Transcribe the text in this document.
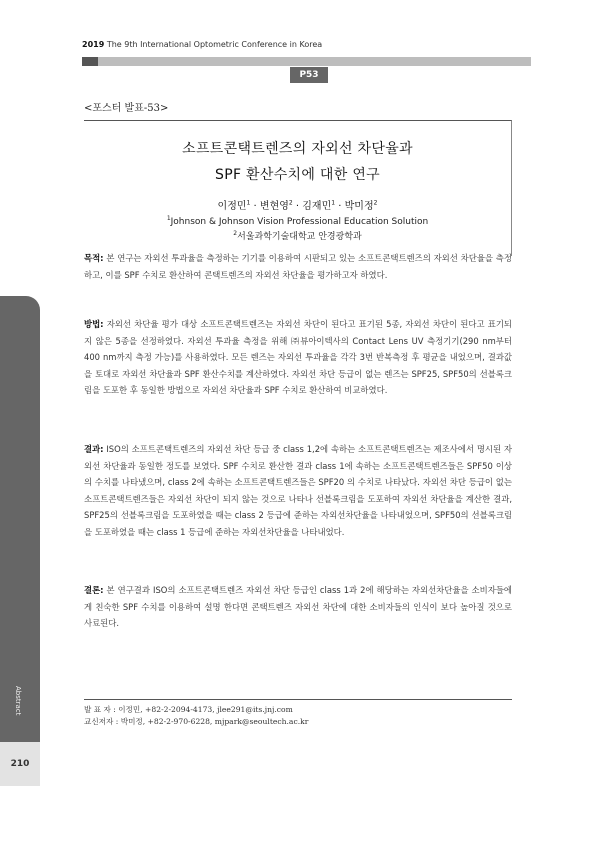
2019 The 9th International Optometric Conference in Korea
P53
<포스터 발표-53>
소프트콘택트렌즈의 자외선 차단율과
SPF 환산수치에 대한 연구
이정민$^1$ · 변현영$^2$ · 김재민$^1$ · 박미정$^2$
$^1$Johnson & Johnson Vision Professional Education Solution
$^2$서울과학기술대학교 안경광학과
목적: 본 연구는 자외선 투과율을 측정하는 기기를 이용하여 시판되고 있는 소프트콘택트렌즈의 자외선 차단율을 측정하고, 이를 SPF 수치로 환산하여 콘택트렌즈의 자외선 차단율을 평가하고자 하였다.
방법: 자외선 차단율 평가 대상 소프트콘택트렌즈는 자외선 차단이 된다고 표기된 5종, 자외선 차단이 된다고 표기되지 않은 5종을 선정하였다. 자외선 투과율 측정을 위해 ㈜뷰아이텍사의 Contact Lens UV 측정기기(290 nm부터 400 nm까지 측정 가능)를 사용하였다. 모든 렌즈는 자외선 투과율을 각각 3번 반복측정 후 평균을 내었으며, 결과값을 토대로 자외선 차단율과 SPF 환산수치를 계산하였다. 자외선 차단 등급이 없는 렌즈는 SPF25, SPF50의 선블록크림을 도포한 후 동일한 방법으로 자외선 차단율과 SPF 수치로 환산하여 비교하였다.
결과: ISO의 소프트콘택트렌즈의 자외선 차단 등급 중 class 1,2에 속하는 소프트콘택트렌즈는 제조사에서 명시된 자외선 차단율과 동일한 정도를 보였다. SPF 수치로 환산한 결과 class 1에 속하는 소프트콘택트렌즈들은 SPF50 이상의 수치를 나타냈으며, class 2에 속하는 소프트콘택트렌즈들은 SPF20 의 수치로 나타났다. 자외선 차단 등급이 없는 소프트콘택트렌즈들은 자외선 차단이 되지 않는 것으로 나타나 선블록크림을 도포하여 자외선 차단율을 계산한 결과, SPF25의 선블록크림을 도포하였을 때는 class 2 등급에 준하는 자외선차단율을 나타내었으며, SPF50의 선블록크림을 도포하였을 때는 class 1 등급에 준하는 자외선차단율을 나타내었다.
결론: 본 연구결과 ISO의 소프트콘택트렌즈 자외선 차단 등급인 class 1과 2에 해당하는 자외선차단율을 소비자들에게 친숙한 SPF 수치를 이용하여 설명 한다면 콘택트렌즈 자외선 차단에 대한 소비자들의 인식이 보다 높아질 것으로 사료된다.
발 표 자 : 이정민, +82-2-2094-4173, jlee291@its.jnj.com
교신저자 : 박미정, +82-2-970-6228, mjpark@seoultech.ac.kr
Abstract
210
